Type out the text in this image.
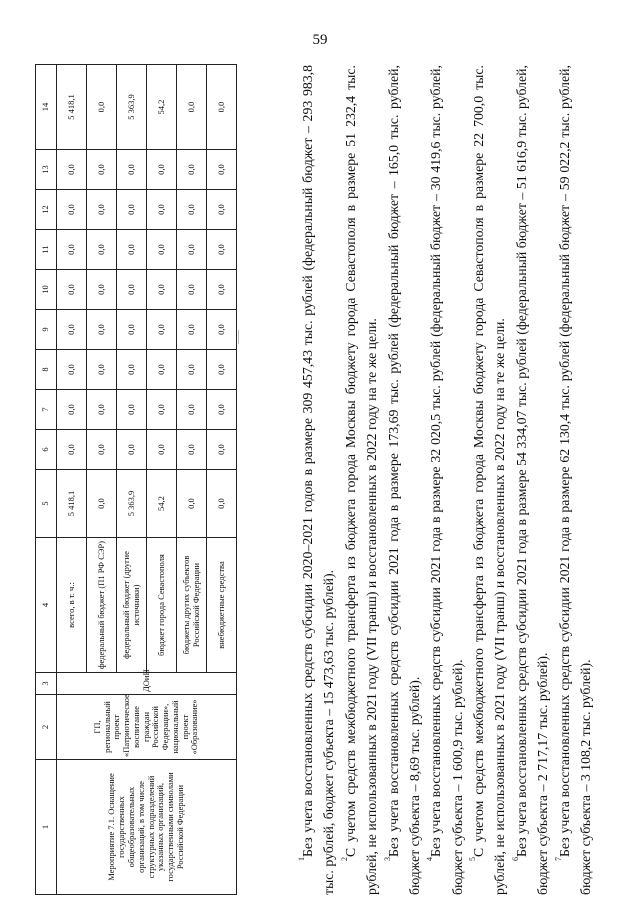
59
1	2	3	4	5	6	7	8	9	10	11	12	13	14
Мероприятие 7.1. Оснащение государственных общеобразовательных организаций, в том числе структурных подразделений указанных организаций, государственными символами Российской Федерации	ГП, региональный проект «Патриотическое воспитание граждан Российской Федерации», национальный проект «Образование»	ДОиН	всего, в т. ч.:	5 418,1	0,0	0,0	0,0	0,0	0,0	0,0	0,0	0,0	5 418,1
			федеральный бюджет (П1 РФ СЭР)	0,0	0,0	0,0	0,0	0,0	0,0	0,0	0,0	0,0	0,0
			федеральный бюджет (другие источники)	5 363,9	0,0	0,0	0,0	0,0	0,0	0,0	0,0	0,0	5 363,9
			бюджет города Севастополя	54,2	0,0	0,0	0,0	0,0	0,0	0,0	0,0	0,0	54,2
			бюджеты других субъектов Российской Федерации	0,0	0,0	0,0	0,0	0,0	0,0	0,0	0,0	0,0	0,0
			внебюджетные средства	0,0	0,0	0,0	0,0	0,0	0,0	0,0	0,0	0,0	0,0

$^1$Без учета восстановленных средств субсидии 2020–2021 годов в размере 309 457,43 тыс. рублей (федеральный бюджет – 293 983,8 тыс. рублей, бюджет субъекта – 15 473,63 тыс. рублей). $^2$С учетом средств межбюджетного трансферта из бюджета города Москвы бюджету города Севастополя в размере 51 232,4 тыс. рублей, не использованных в 2021 году (VII транш) и восстановленных в 2022 году на те же цели. $^3$Без учета восстановленных средств субсидии 2021 года в размере 173,69 тыс. рублей (федеральный бюджет – 165,0 тыс. рублей, бюджет субъекта – 8,69 тыс. рублей). $^4$Без учета восстановленных средств субсидии 2021 года в размере 32 020,5 тыс. рублей (федеральный бюджет – 30 419,6 тыс. рублей, бюджет субъекта – 1 600,9 тыс. рублей). $^5$С учетом средств межбюджетного трансферта из бюджета города Москвы бюджету города Севастополя в размере 22 700,0 тыс. рублей, не использованных в 2021 году (VII транш) и восстановленных в 2022 году на те же цели. $^6$Без учета восстановленных средств субсидии 2021 года в размере 54 334,07 тыс. рублей (федеральный бюджет – 51 616,9 тыс. рублей, бюджет субъекта – 2 717,17 тыс. рублей). $^7$Без учета восстановленных средств субсидии 2021 года в размере 62 130,4 тыс. рублей (федеральный бюджет – 59 022,2 тыс. рублей, бюджет субъекта – 3 108,2 тыс. рублей).
